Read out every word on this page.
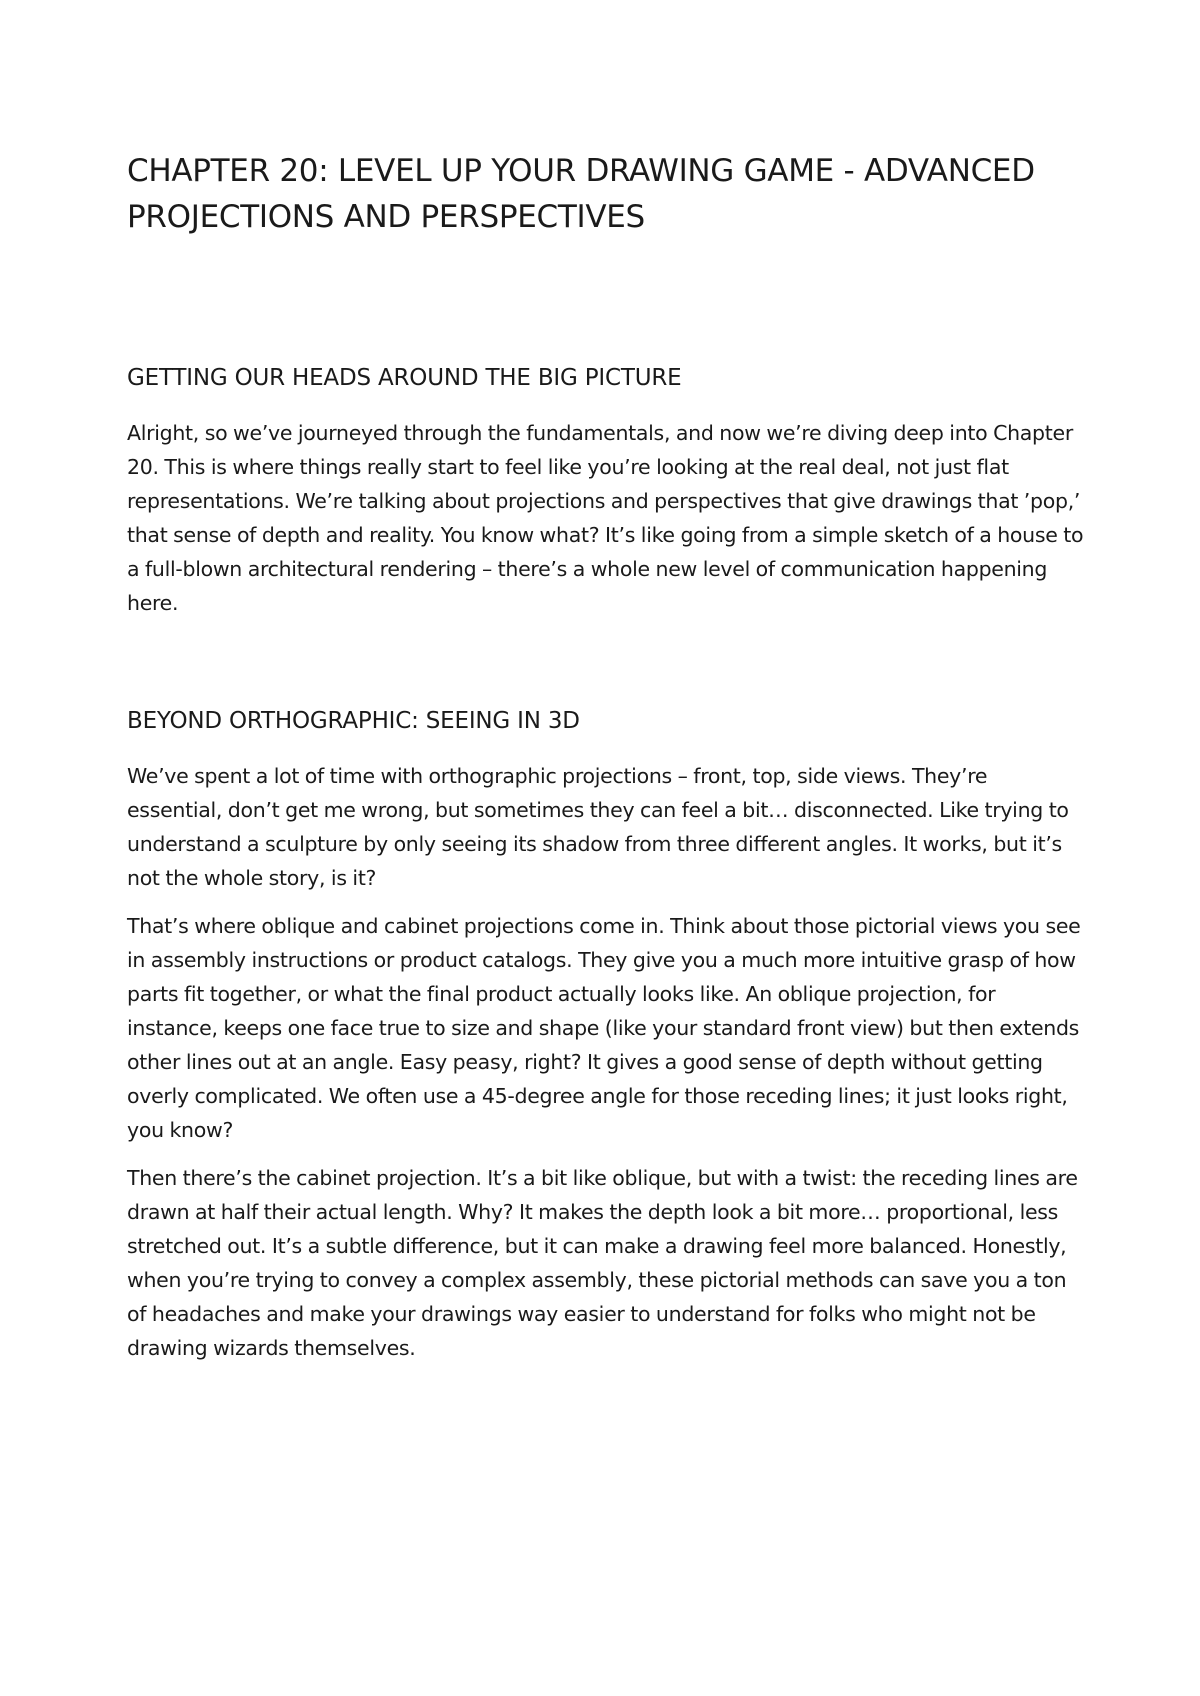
CHAPTER 20: LEVEL UP YOUR DRAWING GAME - ADVANCED PROJECTIONS AND PERSPECTIVES
GETTING OUR HEADS AROUND THE BIG PICTURE

Alright, so we’ve journeyed through the fundamentals, and now we’re diving deep into Chapter 20. This is where things really start to feel like you’re looking at the real deal, not just flat representations. We’re talking about projections and perspectives that give drawings that ’pop,’ that sense of depth and reality. You know what? It’s like going from a simple sketch of a house to a full-blown architectural rendering – there’s a whole new level of communication happening here.

BEYOND ORTHOGRAPHIC: SEEING IN 3D

We’ve spent a lot of time with orthographic projections – front, top, side views. They’re essential, don’t get me wrong, but sometimes they can feel a bit… disconnected. Like trying to understand a sculpture by only seeing its shadow from three different angles. It works, but it’s not the whole story, is it?

That’s where oblique and cabinet projections come in. Think about those pictorial views you see in assembly instructions or product catalogs. They give you a much more intuitive grasp of how parts fit together, or what the final product actually looks like. An oblique projection, for instance, keeps one face true to size and shape (like your standard front view) but then extends other lines out at an angle. Easy peasy, right? It gives a good sense of depth without getting overly complicated. We often use a 45-degree angle for those receding lines; it just looks right, you know?

Then there’s the cabinet projection. It’s a bit like oblique, but with a twist: the receding lines are drawn at half their actual length. Why? It makes the depth look a bit more… proportional, less stretched out. It’s a subtle difference, but it can make a drawing feel more balanced. Honestly, when you’re trying to convey a complex assembly, these pictorial methods can save you a ton of headaches and make your drawings way easier to understand for folks who might not be drawing wizards themselves.
